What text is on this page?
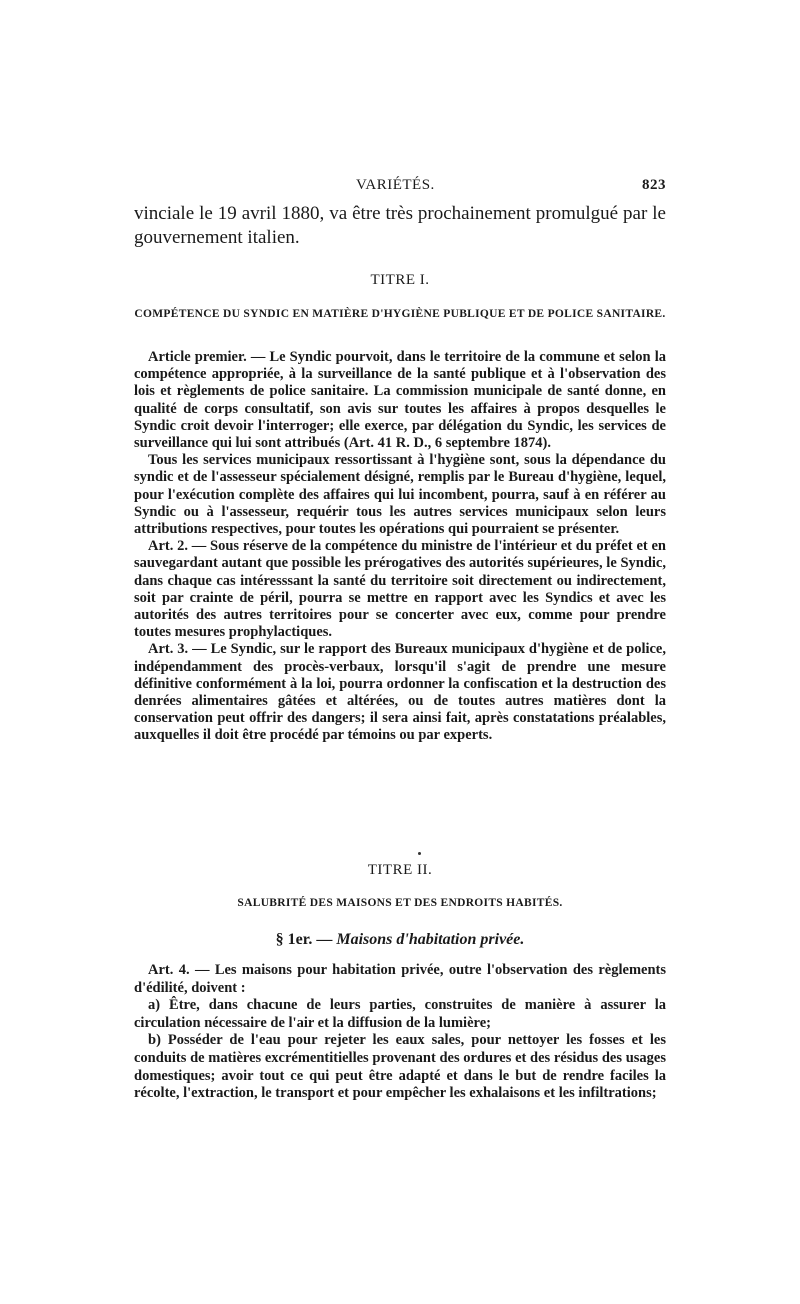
VARIÉTÉS.	823
vinciale le 19 avril 1880, va être très prochainement promulgué par le gouvernement italien.
TITRE I.
COMPÉTENCE DU SYNDIC EN MATIÈRE D'HYGIÈNE PUBLIQUE ET DE POLICE SANITAIRE.

Article premier. — Le Syndic pourvoit, dans le territoire de la commune et selon la compétence appropriée, à la surveillance de la santé publique et à l'observation des lois et règlements de police sanitaire. La commission municipale de santé donne, en qualité de corps consultatif, son avis sur toutes les affaires à propos desquelles le Syndic croit devoir l'interroger; elle exerce, par délégation du Syndic, les services de surveillance qui lui sont attribués (Art. 41 R. D., 6 septembre 1874).

Tous les services municipaux ressortissant à l'hygiène sont, sous la dépendance du syndic et de l'assesseur spécialement désigné, remplis par le Bureau d'hygiène, lequel, pour l'exécution complète des affaires qui lui incombent, pourra, sauf à en référer au Syndic ou à l'assesseur, requérir tous les autres services municipaux selon leurs attributions respectives, pour toutes les opérations qui pourraient se présenter.

Art. 2. — Sous réserve de la compétence du ministre de l'intérieur et du préfet et en sauvegardant autant que possible les prérogatives des autorités supérieures, le Syndic, dans chaque cas intéresssant la santé du territoire soit directement ou indirectement, soit par crainte de péril, pourra se mettre en rapport avec les Syndics et avec les autorités des autres territoires pour se concerter avec eux, comme pour prendre toutes mesures prophylactiques.

Art. 3. — Le Syndic, sur le rapport des Bureaux municipaux d'hygiène et de police, indépendamment des procès-verbaux, lorsqu'il s'agit de prendre une mesure définitive conformément à la loi, pourra ordonner la confiscation et la destruction des denrées alimentaires gâtées et altérées, ou de toutes autres matières dont la conservation peut offrir des dangers; il sera ainsi fait, après constatations préalables, auxquelles il doit être procédé par témoins ou par experts.

TITRE II.
SALUBRITÉ DES MAISONS ET DES ENDROITS HABITÉS.
§ 1er. — Maisons d'habitation privée.

Art. 4. — Les maisons pour habitation privée, outre l'observation des règlements d'édilité, doivent :

a) Être, dans chacune de leurs parties, construites de manière à assurer la circulation nécessaire de l'air et la diffusion de la lumière;

b) Posséder de l'eau pour rejeter les eaux sales, pour nettoyer les fosses et les conduits de matières excrémentitielles provenant des ordures et des résidus des usages domestiques; avoir tout ce qui peut être adapté et dans le but de rendre faciles la récolte, l'extraction, le transport et pour empêcher les exhalaisons et les infiltrations;
